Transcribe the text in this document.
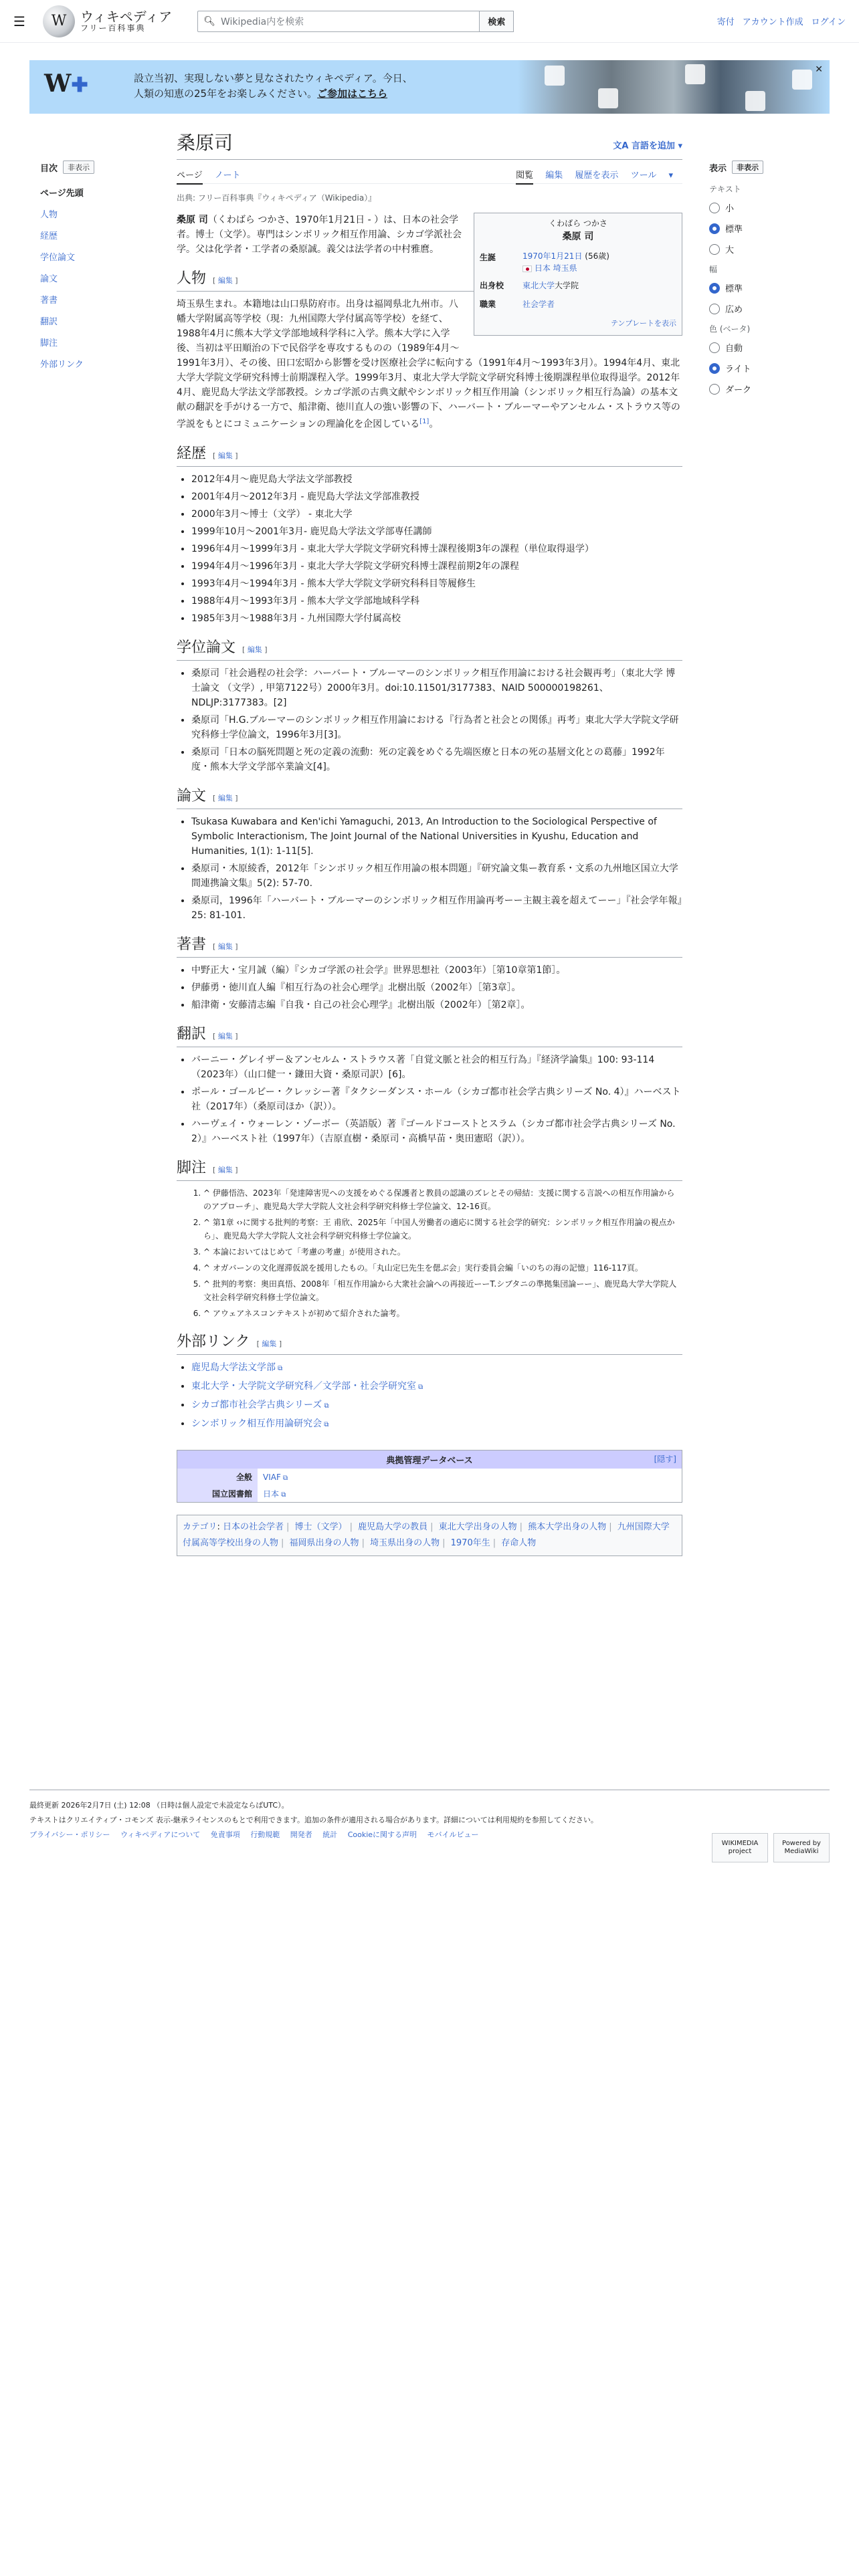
☰	W	ウィキペディア
フリー百科事典
🔍︎ Wikipedia内を検索	検索	寄付 アカウント作成 ログイン
W✚	設立当初、実現しない夢と見なされたウィキペディア。今日、
人類の知恵の25年をお楽しみください。ご参加はこちら
✕
目次	非表示
ページ先頭
人物
経歴
学位論文
論文
著書
翻訳
脚注
外部リンク
表示	非表示
テキスト
小
標準
大
幅
標準
広め
色 (ベータ)
自動
ライト
ダーク
桑原司	文A 言語を追加 ▾
ページ ノート	閲覧 編集 履歴を表示 ツール ▾
出典: フリー百科事典『ウィキペディア（Wikipedia）』
くわばら つかさ
桑原 司
生誕	1970年1月21日 (56歳)
日本 埼玉県
出身校	東北大学大学院
職業	社会学者
テンプレートを表示

桑原 司（くわばら つかさ、1970年1月21日 - ）は、日本の社会学者。博士（文学）。専門はシンボリック相互作用論、シカゴ学派社会学。父は化学者・工学者の桑原誠。義父は法学者の中村雅麿。

人物 [ 編集 ]

埼玉県生まれ。本籍地は山口県防府市。出身は福岡県北九州市。八幡大学附属高等学校（現：九州国際大学付属高等学校）を経て、1988年4月に熊本大学文学部地域科学科に入学。熊本大学に入学後、当初は平田順治の下で民俗学を専攻するものの（1989年4月〜1991年3月）、その後、田口宏昭から影響を受け医療社会学に転向する（1991年4月〜1993年3月）。1994年4月、東北大学大学院文学研究科博士前期課程入学。1999年3月、東北大学大学院文学研究科博士後期課程単位取得退学。2012年4月、鹿児島大学法文学部教授。シカゴ学派の古典文献やシンボリック相互作用論（シンボリック相互行為論）の基本文献の翻訳を手がける一方で、船津衛、徳川直人の強い影響の下、ハーバート・ブルーマーやアンセルム・ストラウス等の学説をもとにコミュニケーションの理論化を企図している[1]。

経歴 [ 編集 ]
• 2012年4月〜鹿児島大学法文学部教授
• 2001年4月〜2012年3月 - 鹿児島大学法文学部准教授
• 2000年3月〜博士（文学） - 東北大学
• 1999年10月〜2001年3月- 鹿児島大学法文学部専任講師
• 1996年4月〜1999年3月 - 東北大学大学院文学研究科博士課程後期3年の課程（単位取得退学）
• 1994年4月〜1996年3月 - 東北大学大学院文学研究科博士課程前期2年の課程
• 1993年4月〜1994年3月 - 熊本大学大学院文学研究科科目等履修生
• 1988年4月〜1993年3月 - 熊本大学文学部地域科学科
• 1985年3月〜1988年3月 - 九州国際大学付属高校
学位論文 [ 編集 ]
• 桑原司「社会過程の社会学：ハーバート・ブルーマーのシンボリック相互作用論における社会観再考」（東北大学 博士論文 （文学）, 甲第7122号）2000年3月。doi:10.11501/3177383、NAID 500000198261、NDLJP:3177383。[2]
• 桑原司「H.G.ブルーマーのシンボリック相互作用論における『行為者と社会との関係』再考」東北大学大学院文学研究科修士学位論文，1996年3月[3]。
• 桑原司「日本の脳死問題と死の定義の流動：死の定義をめぐる先端医療と日本の死の基層文化との葛藤」1992年度・熊本大学文学部卒業論文[4]。
論文 [ 編集 ]
• Tsukasa Kuwabara and Ken'ichi Yamaguchi, 2013, An Introduction to the Sociological Perspective of Symbolic Interactionism, The Joint Journal of the National Universities in Kyushu, Education and Humanities, 1(1): 1-11[5].
• 桑原司・木原綾香，2012年「シンボリック相互作用論の根本問題」『研究論文集ー教育系・文系の九州地区国立大学間連携論文集』5(2): 57-70.
• 桑原司，1996年「ハーバート・ブルーマーのシンボリック相互作用論再考ーー主観主義を超えてーー」『社会学年報』25: 81-101.
著書 [ 編集 ]
• 中野正大・宝月誠（編）『シカゴ学派の社会学』世界思想社（2003年）［第10章第1節］。
• 伊藤勇・徳川直人編『相互行為の社会心理学』北樹出版（2002年）［第3章］。
• 船津衛・安藤清志編『自我・自己の社会心理学』北樹出版（2002年）［第2章］。
翻訳 [ 編集 ]
• バーニー・グレイザー＆アンセルム・ストラウス著「自覚文脈と社会的相互行為」『経済学論集』100: 93-114（2023年）（山口健一・鎌田大資・桑原司訳）[6]。
• ポール・ゴールビー・クレッシー著『タクシーダンス・ホール（シカゴ都市社会学古典シリーズ No. 4）』ハーベスト社（2017年）（桑原司ほか（訳））。
• ハーヴェイ・ウォーレン・ゾーボー（英語版）著『ゴールドコーストとスラム（シカゴ都市社会学古典シリーズ No. 2）』ハーベスト社（1997年）（吉原直樹・桑原司・高橋早苗・奥田憲昭（訳））。
脚注 [ 編集 ]
1. ^ 伊藤悟浩、2023年「発達障害児への支援をめぐる保護者と教員の認識のズレとその帰結：支援に関する言説への相互作用論からのアプローチ」、鹿児島大学大学院人文社会科学研究科修士学位論文、12-16頁。
2. ^ 第1章 ‹›に関する批判的考察：王 甫欣、2025年「中国人労働者の適応に関する社会学的研究：シンボリック相互作用論の視点から」、鹿児島大学大学院人文社会科学研究科修士学位論文。
3. ^ 本論においてはじめて「考慮の考慮」が使用された。
4. ^ オガバーンの文化遅滞仮説を援用したもの。「丸山定巳先生を偲ぶ会」実行委員会編「いのちの海の記憶」116-117頁。
5. ^ 批判的考察：奥田真悟、2008年「相互作用論から大衆社会論への再接近ーーT.シブタニの準拠集団論ーー」、鹿児島大学大学院人文社会科学研究科修士学位論文。
6. ^ アウェアネスコンテキストが初めて紹介された論考。
外部リンク [ 編集 ]
• 鹿児島大学法文学部 ⧉
• 東北大学・大学院文学研究科／文学部・社会学研究室 ⧉
• シカゴ都市社会学古典シリーズ ⧉
• シンボリック相互作用論研究会 ⧉
典拠管理データベース	[隠す]
全般	VIAF ⧉
国立図書館	日本 ⧉
カテゴリ: 日本の社会学者 | 博士（文学） | 鹿児島大学の教員 | 東北大学出身の人物 | 熊本大学出身の人物 | 九州国際大学付属高等学校出身の人物 | 福岡県出身の人物 | 埼玉県出身の人物 | 1970年生 | 存命人物
最終更新 2026年2月7日 (土) 12:08 （日時は個人設定で未設定ならばUTC）。
テキストはクリエイティブ・コモンズ 表示-継承ライセンスのもとで利用できます。追加の条件が適用される場合があります。詳細については利用規約を参照してください。
プライバシー・ポリシー ウィキペディアについて 免責事項 行動規範 開発者 統計 Cookieに関する声明 モバイルビュー
WIKIMEDIA project
Powered by MediaWiki
